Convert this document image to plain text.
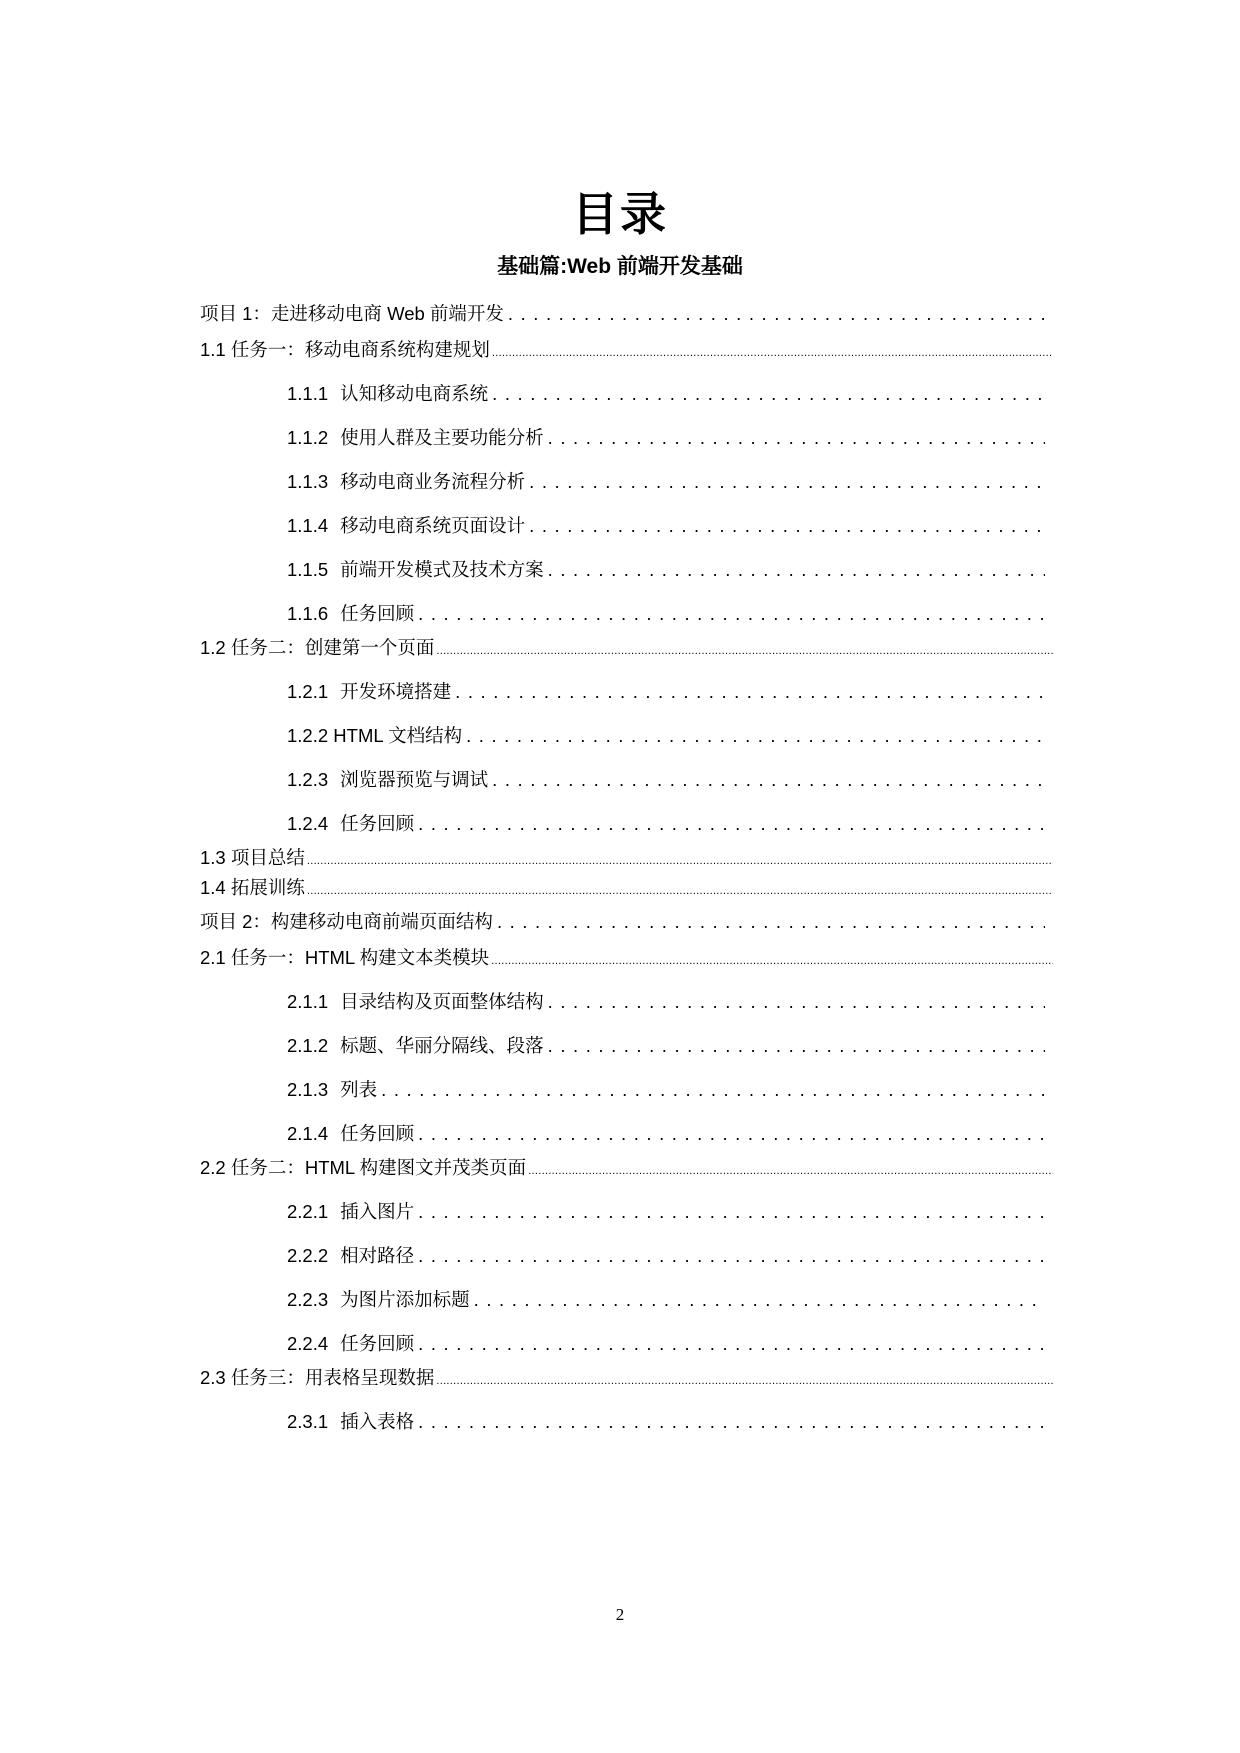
目录
基础篇:Web 前端开发基础
项目 1：走进移动电商 Web 前端开发
. . .
1.1 任务一：移动电商系统构建规划
.....
1.1.1 认知移动电商系统
. . .
1.1.2 使用人群及主要功能分析
. . .
1.1.3 移动电商业务流程分析
. . .
1.1.4 移动电商系统页面设计
. . .
1.1.5 前端开发模式及技术方案
. . .
1.1.6 任务回顾
. . .
1.2 任务二：创建第一个页面
.....
1.2.1 开发环境搭建
. . .
1.2.2 HTML 文档结构
. . .
1.2.3 浏览器预览与调试
. . .
1.2.4 任务回顾
. . .
1.3 项目总结
.....
1.4 拓展训练
.....
项目 2：构建移动电商前端页面结构
. . .
2.1 任务一：HTML 构建文本类模块
.....
2.1.1 目录结构及页面整体结构
. . .
2.1.2 标题、华丽分隔线、段落
. . .
2.1.3 列表
. . .
2.1.4 任务回顾
. . .
2.2 任务二：HTML 构建图文并茂类页面
.....
2.2.1 插入图片
. . .
2.2.2 相对路径
. . .
2.2.3 为图片添加标题
. . .
2.2.4 任务回顾
. . .
2.3 任务三：用表格呈现数据
.....
2.3.1 插入表格
. . .
2
